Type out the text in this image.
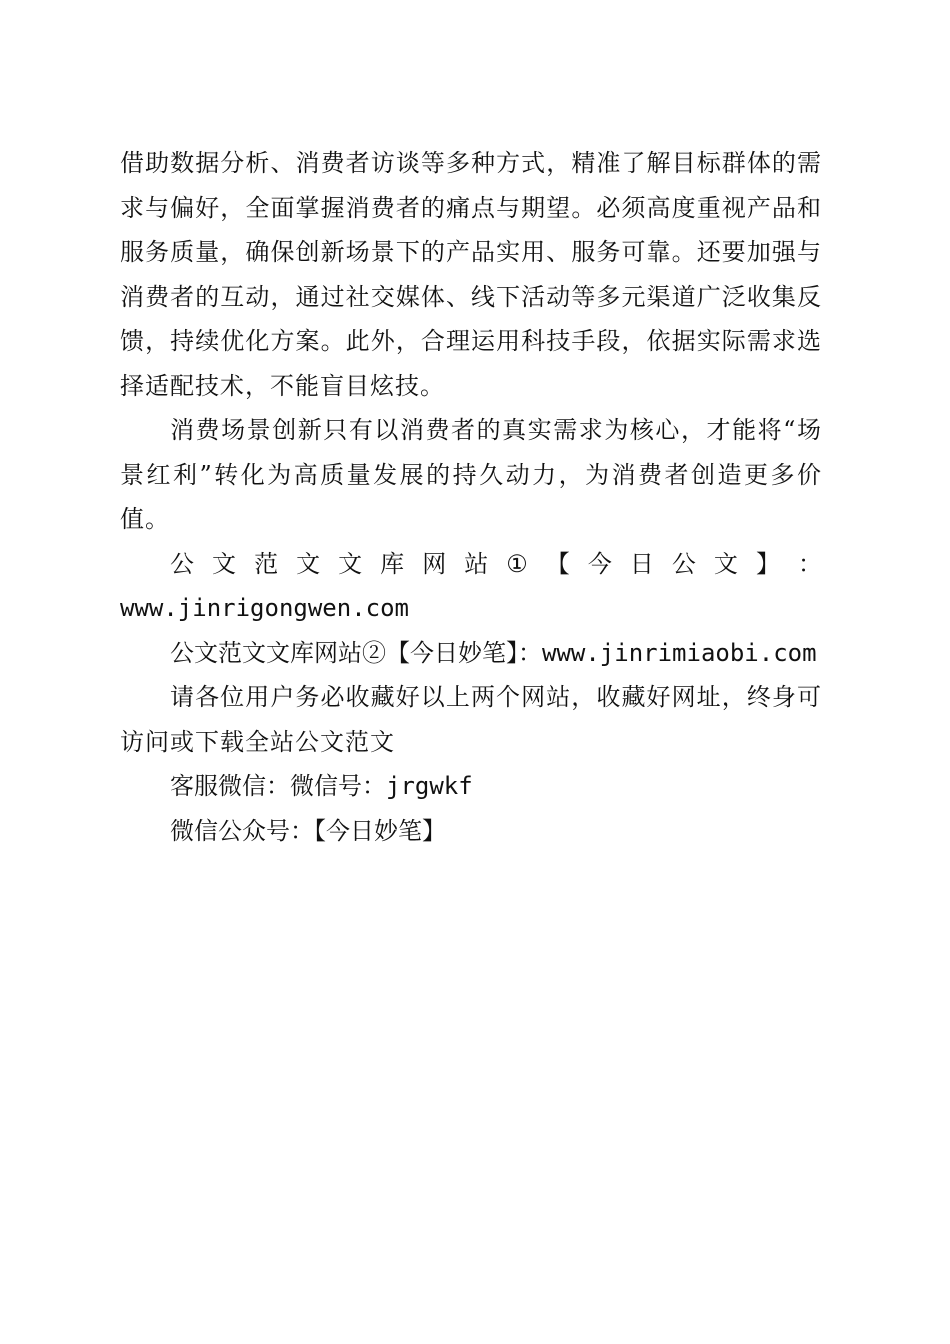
借助数据分析、消费者访谈等多种方式，精准了解目标群体的需求与偏好，全面掌握消费者的痛点与期望。必须高度重视产品和服务质量，确保创新场景下的产品实用、服务可靠。还要加强与消费者的互动，通过社交媒体、线下活动等多元渠道广泛收集反馈，持续优化方案。此外，合理运用科技手段，依据实际需求选择适配技术，不能盲目炫技。

消费场景创新只有以消费者的真实需求为核心，才能将“场景红利”转化为高质量发展的持久动力，为消费者创造更多价值。

公 文 范 文 文 库 网 站 ① 【 今 日 公 文 】 ：
www.jinrigongwen.com
公文范文文库网站②【今日妙笔】：www.jinrimiaobi.com

请各位用户务必收藏好以上两个网站，收藏好网址，终身可访问或下载全站公文范文

客服微信：微信号：jrgwkf
微信公众号：【今日妙笔】
